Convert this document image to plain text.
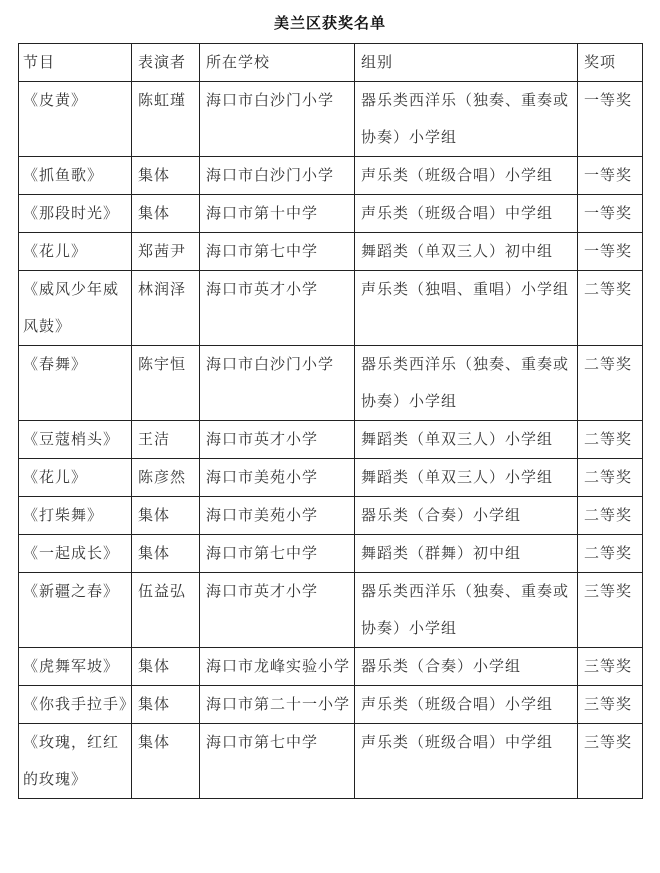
美兰区获奖名单
节目	表演者	所在学校	组别	奖项
《皮黄》	陈虹瑾	海口市白沙门小学	器乐类西洋乐（独奏、重奏或协奏）小学组	一等奖
《抓鱼歌》	集体	海口市白沙门小学	声乐类（班级合唱）小学组	一等奖
《那段时光》	集体	海口市第十中学	声乐类（班级合唱）中学组	一等奖
《花儿》	郑茜尹	海口市第七中学	舞蹈类（单双三人）初中组	一等奖
《威风少年威风鼓》	林润泽	海口市英才小学	声乐类（独唱、重唱）小学组	二等奖
《春舞》	陈宇恒	海口市白沙门小学	器乐类西洋乐（独奏、重奏或协奏）小学组	二等奖
《豆蔻梢头》	王洁	海口市英才小学	舞蹈类（单双三人）小学组	二等奖
《花儿》	陈彦然	海口市美苑小学	舞蹈类（单双三人）小学组	二等奖
《打柴舞》	集体	海口市美苑小学	器乐类（合奏）小学组	二等奖
《一起成长》	集体	海口市第七中学	舞蹈类（群舞）初中组	二等奖
《新疆之春》	伍益弘	海口市英才小学	器乐类西洋乐（独奏、重奏或协奏）小学组	三等奖
《虎舞军坡》	集体	海口市龙峰实验小学	器乐类（合奏）小学组	三等奖
《你我手拉手》	集体	海口市第二十一小学	声乐类（班级合唱）小学组	三等奖
《玫瑰，红红的玫瑰》	集体	海口市第七中学	声乐类（班级合唱）中学组	三等奖
